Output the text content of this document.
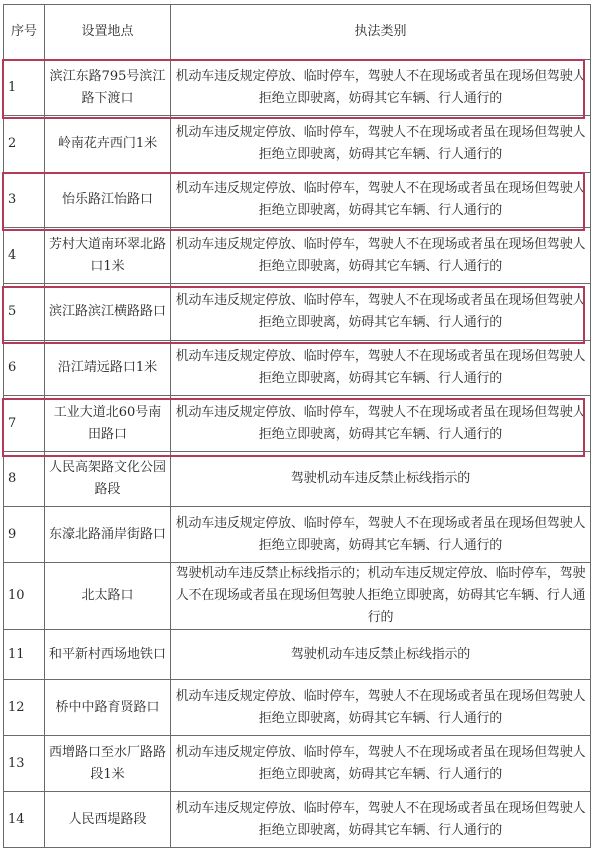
序号	设置地点	执法类别
1	滨江东路795号滨江路下渡口	机动车违反规定停放、临时停车，驾驶人不在现场或者虽在现场但驾驶人拒绝立即驶离，妨碍其它车辆、行人通行的
2	岭南花卉西门1米	机动车违反规定停放、临时停车，驾驶人不在现场或者虽在现场但驾驶人拒绝立即驶离，妨碍其它车辆、行人通行的
3	怡乐路江怡路口	机动车违反规定停放、临时停车，驾驶人不在现场或者虽在现场但驾驶人拒绝立即驶离，妨碍其它车辆、行人通行的
4	芳村大道南环翠北路口1米	机动车违反规定停放、临时停车，驾驶人不在现场或者虽在现场但驾驶人拒绝立即驶离，妨碍其它车辆、行人通行的
5	滨江路滨江横路路口	机动车违反规定停放、临时停车，驾驶人不在现场或者虽在现场但驾驶人拒绝立即驶离，妨碍其它车辆、行人通行的
6	沿江靖远路口1米	机动车违反规定停放、临时停车，驾驶人不在现场或者虽在现场但驾驶人拒绝立即驶离，妨碍其它车辆、行人通行的
7	工业大道北60号南田路口	机动车违反规定停放、临时停车，驾驶人不在现场或者虽在现场但驾驶人拒绝立即驶离，妨碍其它车辆、行人通行的
8	人民高架路文化公园路段	驾驶机动车违反禁止标线指示的
9	东濠北路涌岸街路口	机动车违反规定停放、临时停车，驾驶人不在现场或者虽在现场但驾驶人拒绝立即驶离，妨碍其它车辆、行人通行的
10	北太路口	驾驶机动车违反禁止标线指示的；机动车违反规定停放、临时停车，驾驶人不在现场或者虽在现场但驾驶人拒绝立即驶离，妨碍其它车辆、行人通行的
11	和平新村西场地铁口	驾驶机动车违反禁止标线指示的
12	桥中中路育贤路口	机动车违反规定停放、临时停车，驾驶人不在现场或者虽在现场但驾驶人拒绝立即驶离，妨碍其它车辆、行人通行的
13	西增路口至水厂路路段1米	机动车违反规定停放、临时停车，驾驶人不在现场或者虽在现场但驾驶人拒绝立即驶离，妨碍其它车辆、行人通行的
14	人民西堤路段	机动车违反规定停放、临时停车，驾驶人不在现场或者虽在现场但驾驶人拒绝立即驶离，妨碍其它车辆、行人通行的
